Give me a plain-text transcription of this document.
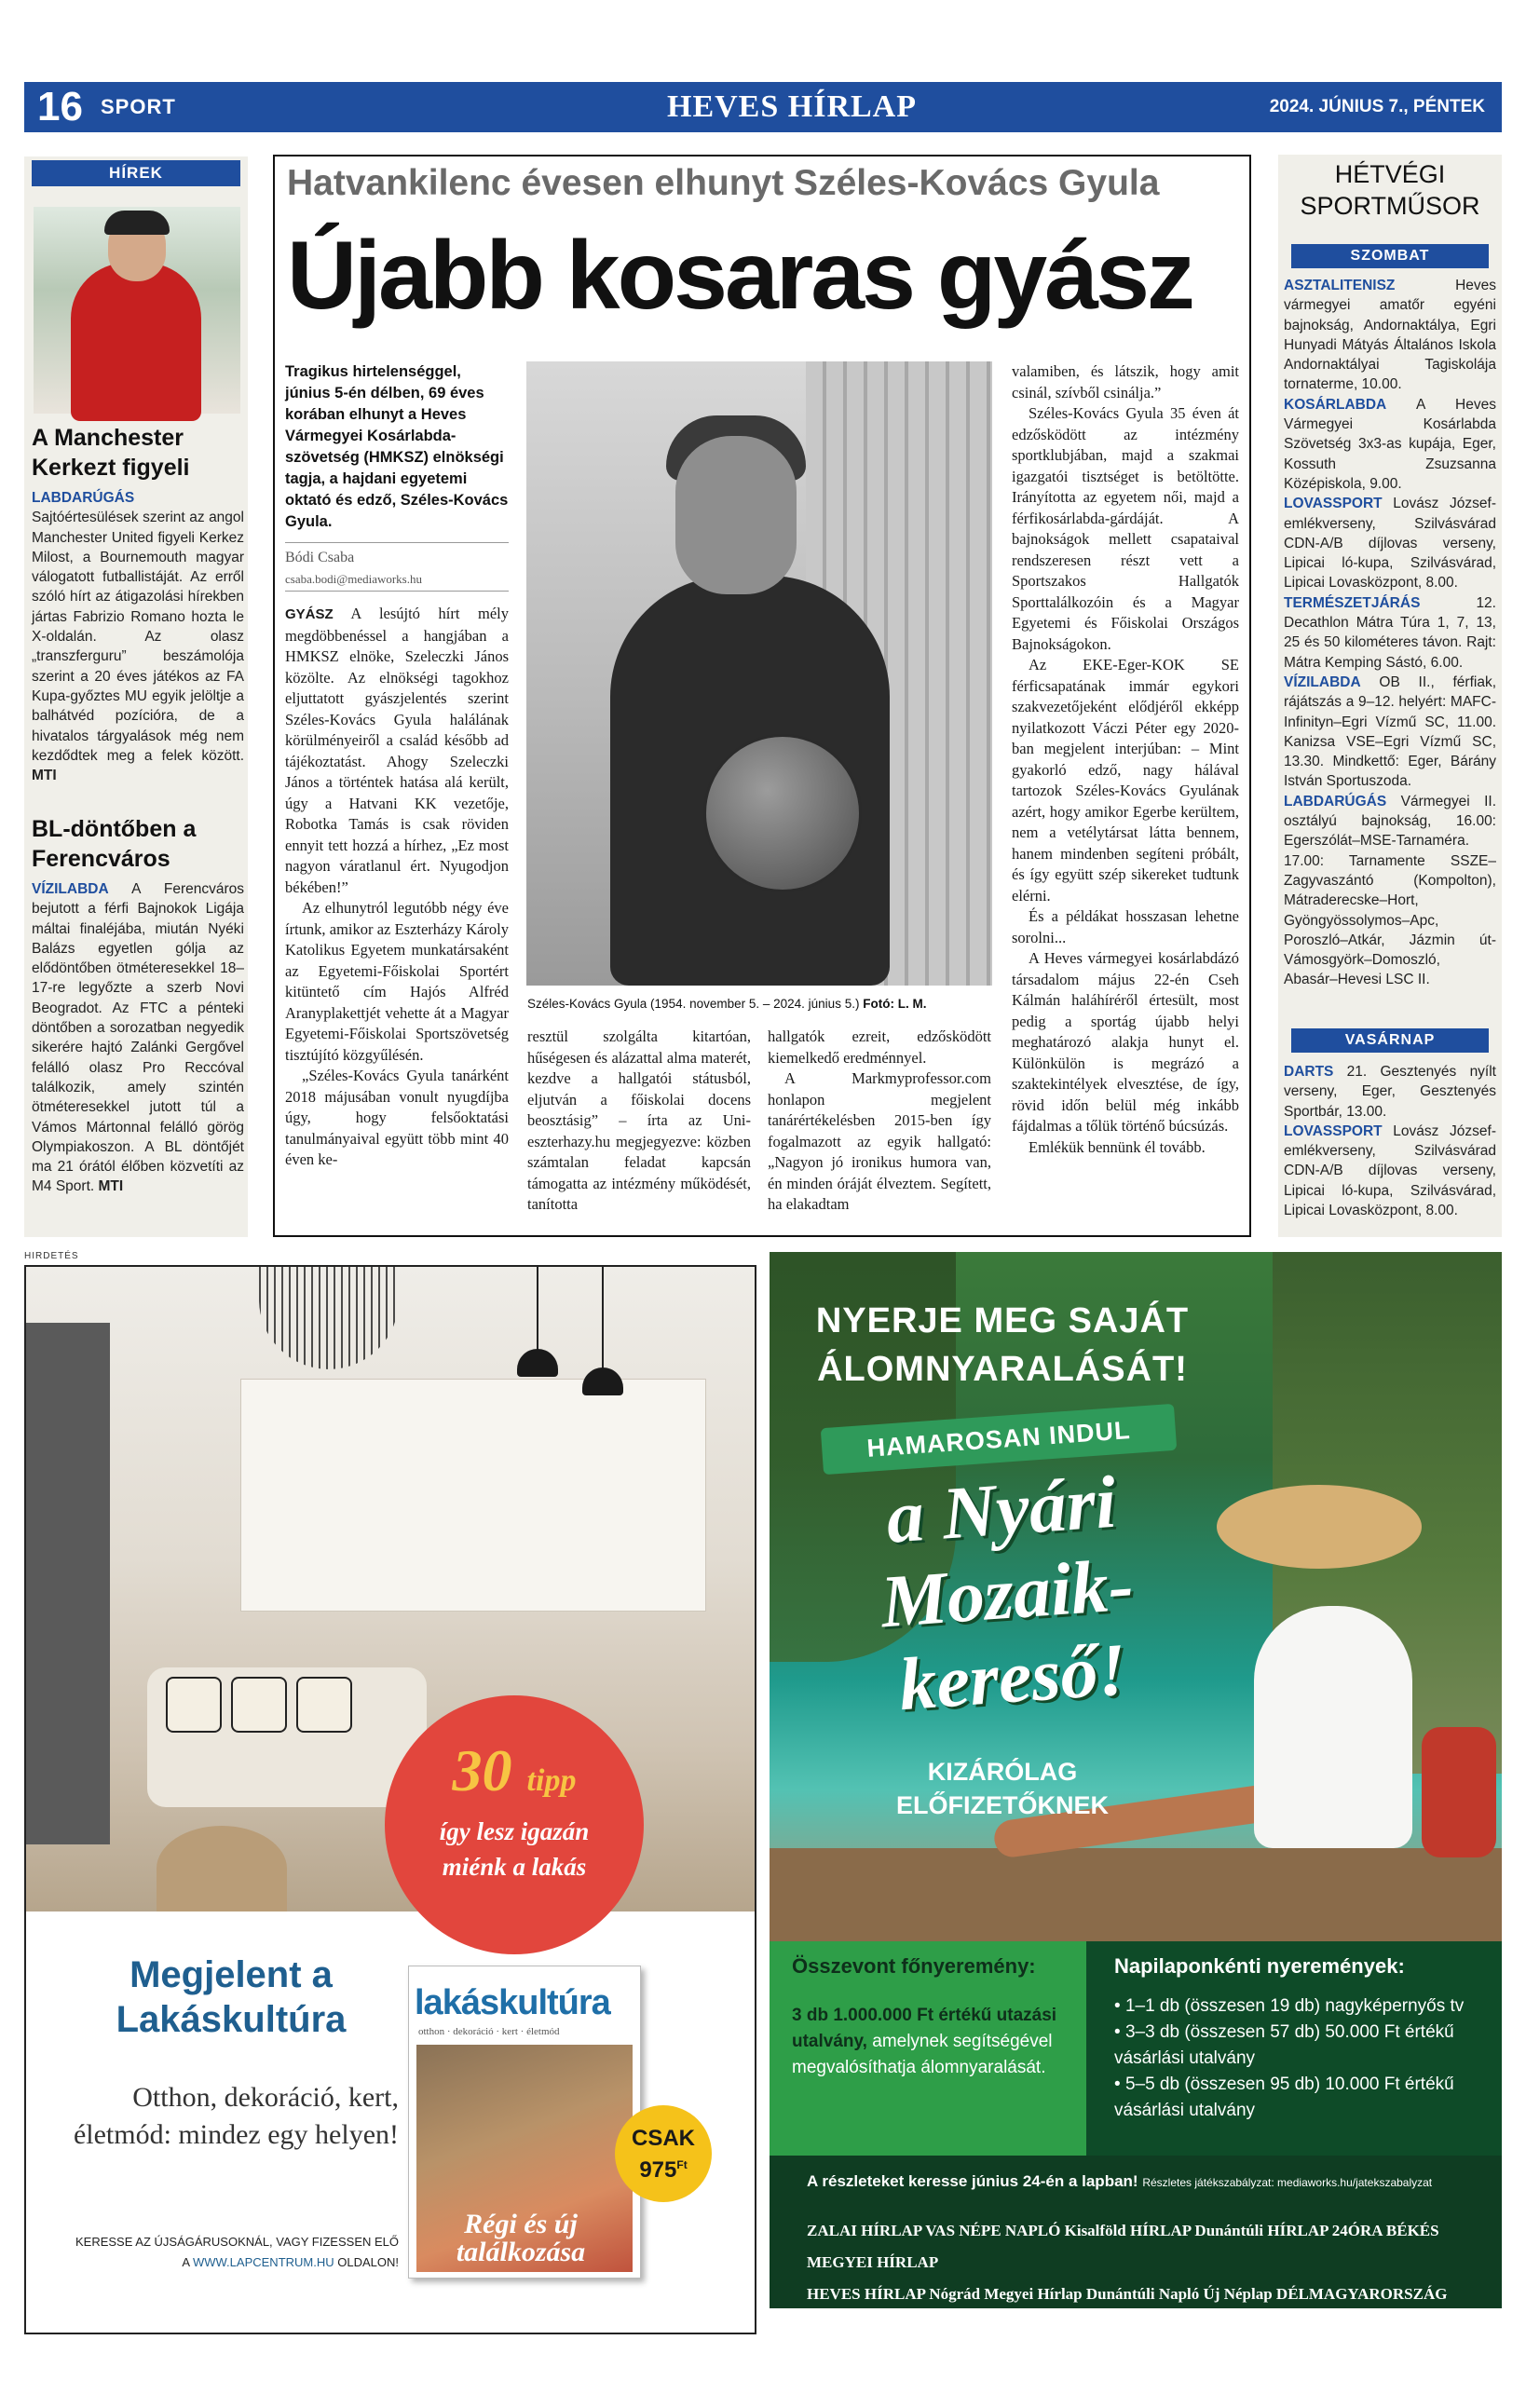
16 SPORT	HEVES HÍRLAP	2024. JÚNIUS 7., PÉNTEK
HÍREK
A Manchester Kerkezt figyeli
LABDARÚGÁS Sajtóértesülések szerint az angol Manchester United figyeli Kerkez Milost, a Bournemouth magyar válogatott futballistáját. Az erről szóló hírt az átigazolási hírekben jártas Fabrizio Romano hozta le X-oldalán. Az olasz „transzferguru” beszámolója szerint a 20 éves játékos az FA Kupa-győztes MU egyik jelöltje a balhátvéd pozícióra, de a hivatalos tárgyalások még nem kezdődtek meg a felek között. MTI
BL-döntőben a Ferencváros
VÍZILABDA A Ferencváros bejutott a férfi Bajnokok Ligája máltai finaléjába, miután Nyéki Balázs egyetlen gólja az elődöntőben ötméteresekkel 18–17-re legyőzte a szerb Novi Beogradot. Az FTC a pénteki döntőben a sorozatban negyedik sikerére hajtó Zalánki Gergővel felálló olasz Pro Reccóval találkozik, amely szintén ötméteresekkel jutott túl a Vámos Mártonnal felálló görög Olympiakoszon. A BL döntőjét ma 21 órától élőben közvetíti az M4 Sport. MTI
Hatvankilenc évesen elhunyt Széles-Kovács Gyula
Újabb kosaras gyász
Tragikus hirtelenséggel, június 5-én délben, 69 éves korában elhunyt a Heves Vármegyei Kosárlabda-szövetség (HMKSZ) elnökségi tagja, a hajdani egyetemi oktató és edző, Széles-Kovács Gyula.
Bódi Csaba
csaba.bodi@mediaworks.hu

GYÁSZ A lesújtó hírt mély megdöbbenéssel a hangjában a HMKSZ elnöke, Szeleczki János közölte. Az elnökségi tagokhoz eljuttatott gyászjelentés szerint Széles-Kovács Gyula halálának körülményeiről a család később ad tájékoztatást. Ahogy Szeleczki János a történtek hatása alá került, úgy a Hatvani KK vezetője, Robotka Tamás is csak röviden ennyit tett hozzá a hírhez, „Ez most nagyon váratlanul ért. Nyugodjon békében!”

Az elhunytról legutóbb négy éve írtunk, amikor az Eszterházy Károly Katolikus Egyetem munkatársaként az Egyetemi-Főiskolai Sportért kitüntető cím Hajós Alfréd Aranyplakettjét vehette át a Magyar Egyetemi-Főiskolai Sportszövetség tisztújító közgyűlésén.

„Széles-Kovács Gyula tanárként 2018 májusában vonult nyugdíjba úgy, hogy felsőoktatási tanulmányaival együtt több mint 40 éven ke-

Széles-Kovács Gyula (1954. november 5. – 2024. június 5.) Fotó: L. M.

resztül szolgálta kitartóan, hűségesen és alázattal alma materét, kezdve a hallgatói státusból, eljutván a főiskolai docens beosztásig” – írta az Uni-eszterhazy.hu megjegyezve: közben számtalan feladat kapcsán támogatta az intézmény működését, tanította

hallgatók ezreit, edzősködött kiemelkedő eredménnyel.

A Markmyprofessor.com honlapon megjelent tanárértékelésben 2015-ben így fogalmazott az egyik hallgató: „Nagyon jó ironikus humora van, én minden óráját élveztem. Segített, ha elakadtam

valamiben, és látszik, hogy amit csinál, szívből csinálja.”

Széles-Kovács Gyula 35 éven át edzősködött az intézmény sportklubjában, majd a szakmai igazgatói tisztséget is betöltötte. Irányította az egyetem női, majd a férfikosárlabda-gárdáját. A bajnokságok mellett csapataival rendszeresen részt vett a Sportszakos Hallgatók Sporttalálkozóin és a Magyar Egyetemi és Főiskolai Országos Bajnokságokon.

Az EKE-Eger-KOK SE férficsapatának immár egykori szakvezetőjeként elődjéről ekképp nyilatkozott Váczi Péter egy 2020-ban megjelent interjúban: – Mint gyakorló edző, nagy hálával tartozok Széles-Kovács Gyulának azért, hogy amikor Egerbe kerültem, nem a vetélytársat látta bennem, hanem mindenben segíteni próbált, és így együtt szép sikereket tudtunk elérni.

És a példákat hosszasan lehetne sorolni...

A Heves vármegyei kosárlabdázó társadalom május 22-én Cseh Kálmán haláhíréről értesült, most pedig a sportág újabb helyi meghatározó alakja hunyt el. Különkülön is megrázó a szaktekintélyek elvesztése, de így, rövid időn belül még inkább fájdalmas a tőlük történő búcsúzás.

Emlékük bennünk él tovább.

HÉTVÉGI SPORTMŰSOR
SZOMBAT
ASZTALITENISZ	Heves vármegyei amatőr egyéni bajnokság, Andornaktálya, Egri Hunyadi Mátyás Általános Iskola Andornaktályai Tagiskolája tornaterme, 10.00.
KOSÁRLABDA A Heves Vármegyei Kosárlabda Szövetség 3x3-as kupája, Eger, Kossuth Zsuzsanna Középiskola, 9.00.
LOVASSPORT Lovász József-emlékverseny, Szilvásvárad CDN-A/B díjlovas verseny, Lipicai ló-kupa, Szilvásvárad, Lipicai Lovasközpont, 8.00.
TERMÉSZETJÁRÁS	12. Decathlon Mátra Túra 1, 7, 13, 25 és 50 kilométeres távon. Rajt: Mátra Kemping Sástó, 6.00.
VÍZILABDA OB II., férfiak, rájátszás a 9–12. helyért: MAFC-Infinityn–Egri Vízmű SC, 11.00. Kanizsa VSE–Egri Vízmű SC, 13.30. Mindkettő: Eger, Bárány István Sportuszoda.
LABDARÚGÁS Vármegyei II. osztályú bajnokság, 16.00: Egerszólát–MSE-Tarnaméra. 17.00: Tarnamente SSZE–Zagyvaszántó (Kompolton), Mátraderecske–Hort, Gyöngyössolymos–Apc, Poroszló–Atkár, Jázmin út-Vámosgyörk–Domoszló, Abasár–Hevesi LSC II.
VASÁRNAP
DARTS 21. Gesztenyés nyílt verseny, Eger, Gesztenyés Sportbár, 13.00.
LOVASSPORT Lovász József-emlékverseny, Szilvásvárad CDN-A/B díjlovas verseny, Lipicai ló-kupa, Szilvásvárad, Lipicai Lovasközpont, 8.00.
HIRDETÉS
30 tipp
így lesz igazán
miénk a lakás
Megjelent a Lakáskultúra
Otthon, dekoráció, kert, életmód: mindez egy helyen!
KERESSE AZ ÚJSÁGÁRUSOKNÁL, VAGY FIZESSEN ELŐ
A WWW.LAPCENTRUM.HU OLDALON!
lakáskultúra
otthon · dekoráció · kert · életmód
Régi és új találkozása
CSAK
$975^{Ft}$
NYERJE MEG SAJÁT ÁLOMNYARALÁSÁT!
HAMAROSAN INDUL
a Nyári Mozaik-kereső!
KIZÁRÓLAG ELŐFIZETŐKNEK
Összevont főnyeremény:
3 db 1.000.000 Ft értékű utazási utalvány, amelynek segítségével megvalósíthatja álomnyaralását.
Napilaponkénti nyeremények:
• 1–1 db (összesen 19 db) nagyképernyős tv
• 3–3 db (összesen 57 db) 50.000 Ft értékű vásárlási utalvány
• 5–5 db (összesen 95 db) 10.000 Ft értékű vásárlási utalvány
A részleteket keresse június 24-én a lapban! Részletes játékszabályzat: mediaworks.hu/jatekszabalyzat
ZALAI HÍRLAP VAS NÉPE NAPLÓ Kisalföld HÍRLAP Dunántúli HÍRLAP 24ÓRA BÉKÉS MEGYEI HÍRLAP
HEVES HÍRLAP Nógrád Megyei Hírlap Dunántúli Napló Új Néplap DÉLMAGYARORSZÁG
KISALFÖLD NAPLÓ ÉSZAK KELET Petőfi Népe Somogyi Hírlap Tolnai Népújság
